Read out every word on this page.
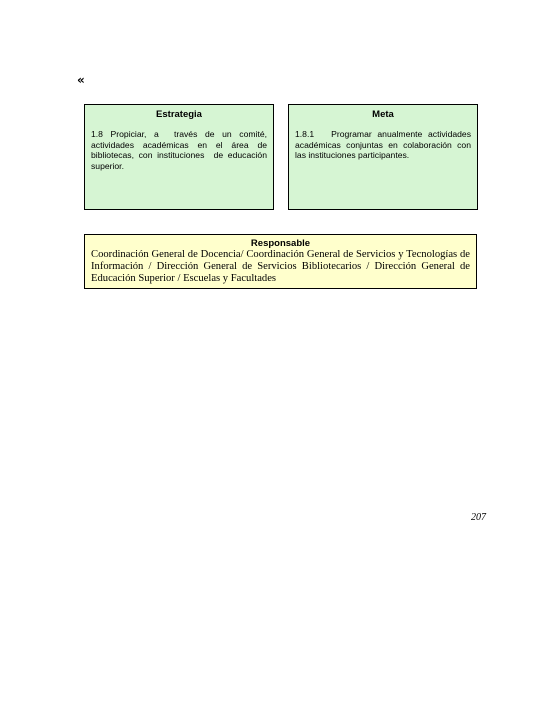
«
Estrategia
1.8 Propiciar, a  través de un comité, actividades académicas en el área de bibliotecas, con instituciones  de educación superior.
Meta
1.8.1   Programar anualmente actividades académicas conjuntas en colaboración con las instituciones participantes.
Responsable
Coordinación General de Docencia/ Coordinación General de Servicios y Tecnologías de Información / Dirección General de Servicios Bibliotecarios / Dirección General de Educación Superior / Escuelas y Facultades
207
